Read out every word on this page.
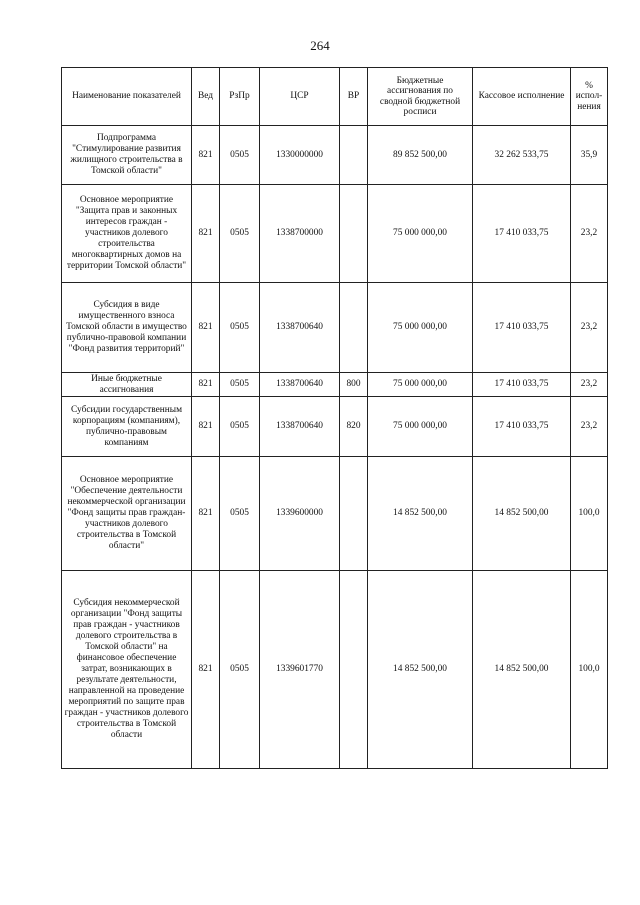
264
Наименование показателей	Вед	РзПр	ЦСР	ВР	Бюджетные ассигнования по сводной бюджетной росписи	Кассовое исполнение	% испол-нения
Подпрограмма "Стимулирование развития жилищного строительства в Томской области"	821	0505	1330000000		89 852 500,00	32 262 533,75	35,9
Основное мероприятие "Защита прав и законных интересов граждан - участников долевого строительства многоквартирных домов на территории Томской области"	821	0505	1338700000		75 000 000,00	17 410 033,75	23,2
Субсидия в виде имущественного взноса Томской области в имущество публично-правовой компании "Фонд развития территорий"	821	0505	1338700640		75 000 000,00	17 410 033,75	23,2
Иные бюджетные ассигнования	821	0505	1338700640	800	75 000 000,00	17 410 033,75	23,2
Субсидии государственным корпорациям (компаниям), публично-правовым компаниям	821	0505	1338700640	820	75 000 000,00	17 410 033,75	23,2
Основное мероприятие "Обеспечение деятельности некоммерческой организации "Фонд защиты прав граждан-участников долевого строительства в Томской области"	821	0505	1339600000		14 852 500,00	14 852 500,00	100,0
Субсидия некоммерческой организации "Фонд защиты прав граждан - участников долевого строительства в Томской области" на финансовое обеспечение затрат, возникающих в результате деятельности, направленной на проведение мероприятий по защите прав граждан - участников долевого строительства в Томской области	821	0505	1339601770		14 852 500,00	14 852 500,00	100,0
